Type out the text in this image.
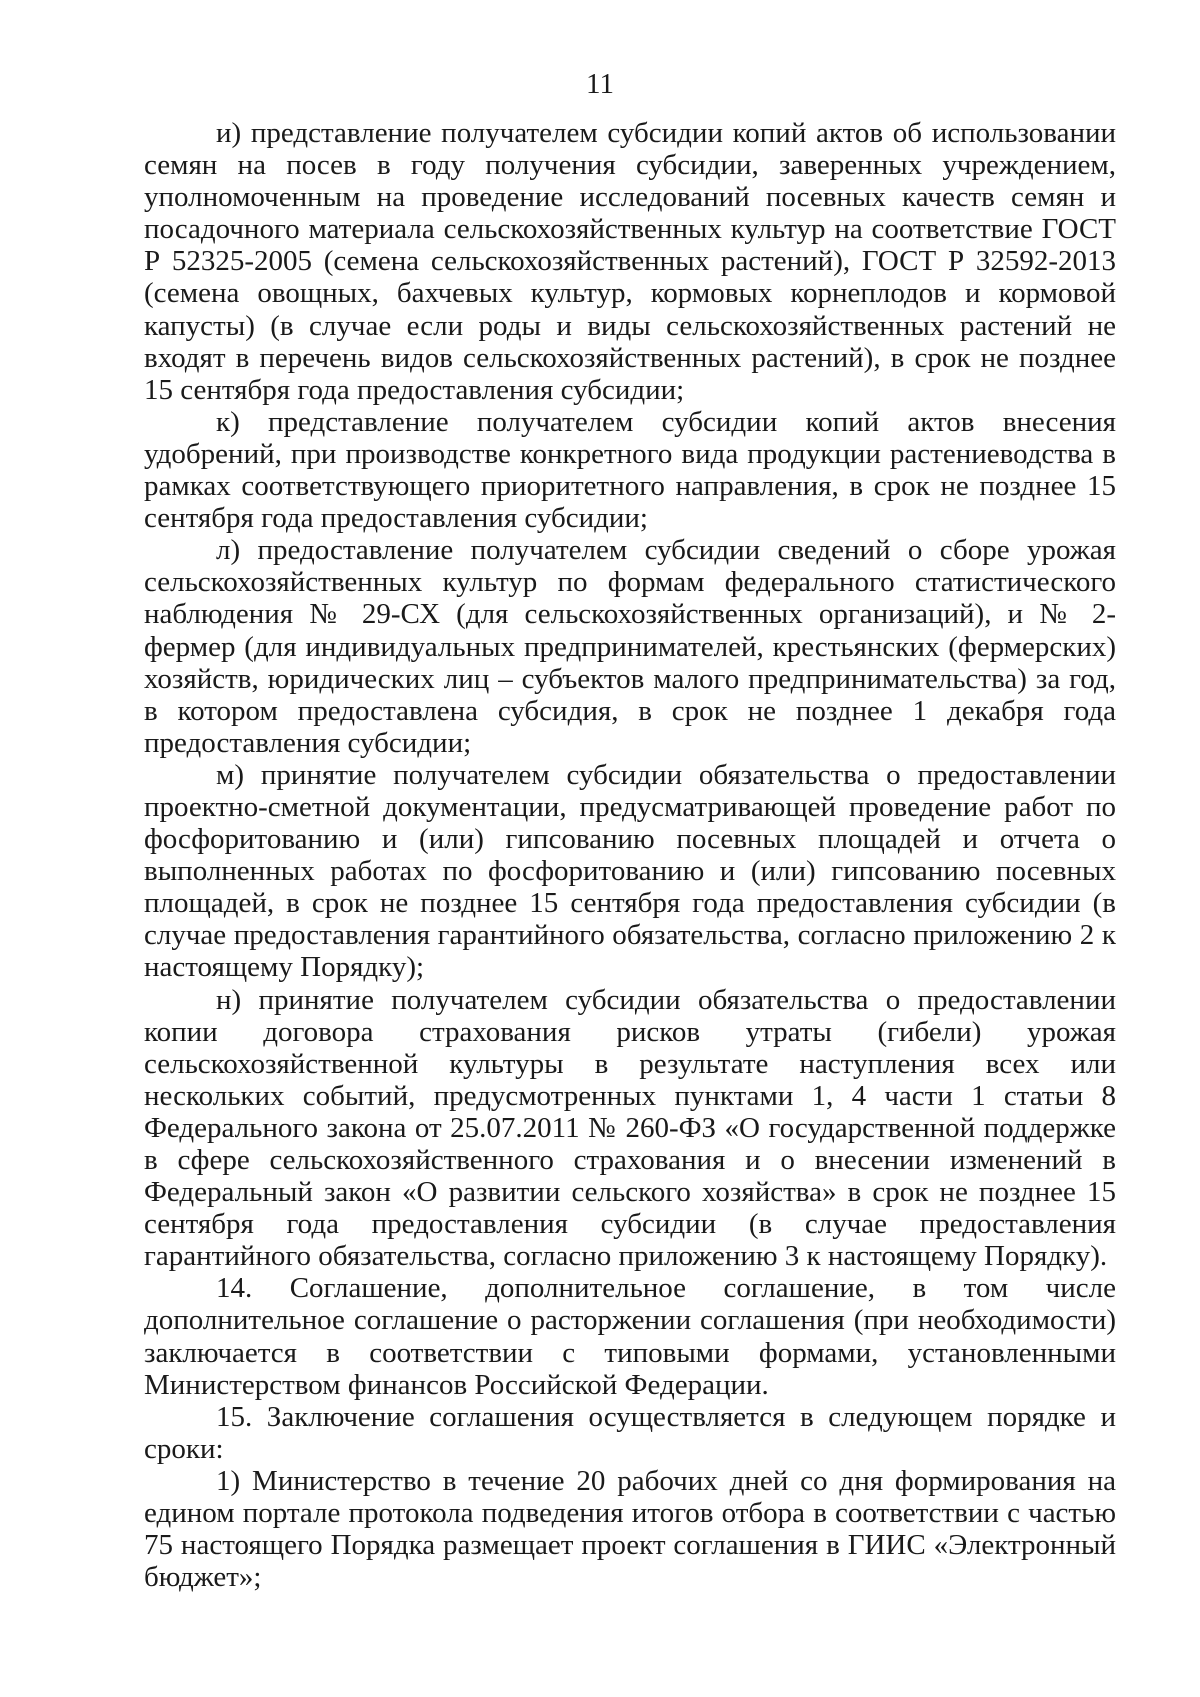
11

и) представление получателем субсидии копий актов об использовании семян на посев в году получения субсидии, заверенных учреждением, уполномоченным на проведение исследований посевных качеств семян и посадочного материала сельскохозяйственных культур на соответствие ГОСТ Р 52325-2005 (семена сельскохозяйственных растений), ГОСТ Р 32592-2013 (семена овощных, бахчевых культур, кормовых корнеплодов и кормовой капусты) (в случае если роды и виды сельскохозяйственных растений не входят в перечень видов сельскохозяйственных растений), в срок не позднее 15 сентября года предоставления субсидии;

к) представление получателем субсидии копий актов внесения удобрений, при производстве конкретного вида продукции растениеводства в рамках соответствующего приоритетного направления, в срок не позднее 15 сентября года предоставления субсидии;

л) предоставление получателем субсидии сведений о сборе урожая сельскохозяйственных культур по формам федерального статистического наблюдения № 29-СХ (для сельскохозяйственных организаций), и № 2-фермер (для индивидуальных предпринимателей, крестьянских (фермерских) хозяйств, юридических лиц – субъектов малого предпринимательства) за год, в котором предоставлена субсидия, в срок не позднее 1 декабря года предоставления субсидии;

м) принятие получателем субсидии обязательства о предоставлении проектно-сметной документации, предусматривающей проведение работ по фосфоритованию и (или) гипсованию посевных площадей и отчета о выполненных работах по фосфоритованию и (или) гипсованию посевных площадей, в срок не позднее 15 сентября года предоставления субсидии (в случае предоставления гарантийного обязательства, согласно приложению 2 к настоящему Порядку);

н) принятие получателем субсидии обязательства о предоставлении копии договора страхования рисков утраты (гибели) урожая сельскохозяйственной культуры в результате наступления всех или нескольких событий, предусмотренных пунктами 1, 4 части 1 статьи 8 Федерального закона от 25.07.2011 № 260-ФЗ «О государственной поддержке в сфере сельскохозяйственного страхования и о внесении изменений в Федеральный закон «О развитии сельского хозяйства» в срок не позднее 15 сентября года предоставления субсидии (в случае предоставления гарантийного обязательства, согласно приложению 3 к настоящему Порядку).

14. Соглашение, дополнительное соглашение, в том числе дополнительное соглашение о расторжении соглашения (при необходимости) заключается в соответствии с типовыми формами, установленными Министерством финансов Российской Федерации.

15. Заключение соглашения осуществляется в следующем порядке и сроки:

1) Министерство в течение 20 рабочих дней со дня формирования на едином портале протокола подведения итогов отбора в соответствии с частью 75 настоящего Порядка размещает проект соглашения в ГИИС «Электронный бюджет»;
